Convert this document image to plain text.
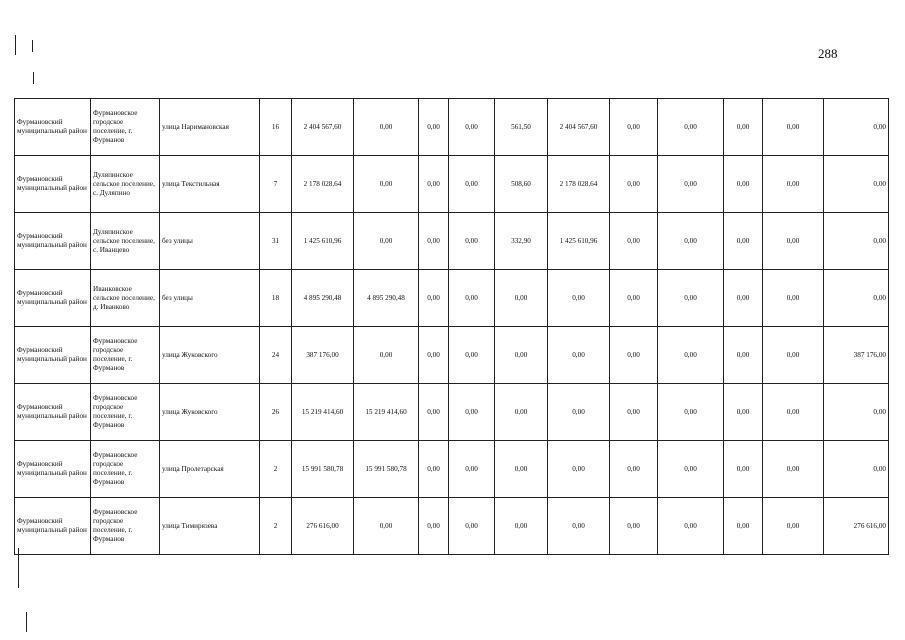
288
Фурмановский муниципальный район	Фурмановское городское поселение, г. Фурманов	улица Наримановская	16	2 404 567,60	0,00	0,00	0,00	561,50	2 404 567,60	0,00	0,00	0,00	0,00	0,00
Фурмановский муниципальный район	Дуляпинское сельское поселение, с. Дуляпино	улица Текстильная	7	2 178 028,64	0,00	0,00	0,00	508,60	2 178 028,64	0,00	0,00	0,00	0,00	0,00
Фурмановский муниципальный район	Дуляпинское сельское поселение, с. Иванцево	без улицы	31	1 425 610,96	0,00	0,00	0,00	332,90	1 425 610,96	0,00	0,00	0,00	0,00	0,00
Фурмановский муниципальный район	Иванковское сельское поселение, д. Иванково	без улицы	18	4 895 290,48	4 895 290,48	0,00	0,00	0,00	0,00	0,00	0,00	0,00	0,00	0,00
Фурмановский муниципальный район	Фурмановское городское поселение, г. Фурманов	улица Жуковского	24	387 176,00	0,00	0,00	0,00	0,00	0,00	0,00	0,00	0,00	0,00	387 176,00
Фурмановский муниципальный район	Фурмановское городское поселение, г. Фурманов	улица Жуковского	26	15 219 414,60	15 219 414,60	0,00	0,00	0,00	0,00	0,00	0,00	0,00	0,00	0,00
Фурмановский муниципальный район	Фурмановское городское поселение, г. Фурманов	улица Пролетарская	2	15 991 580,78	15 991 580,78	0,00	0,00	0,00	0,00	0,00	0,00	0,00	0,00	0,00
Фурмановский муниципальный район	Фурмановское городское поселение, г. Фурманов	улица Тимирязева	2	276 616,00	0,00	0,00	0,00	0,00	0,00	0,00	0,00	0,00	0,00	276 616,00
